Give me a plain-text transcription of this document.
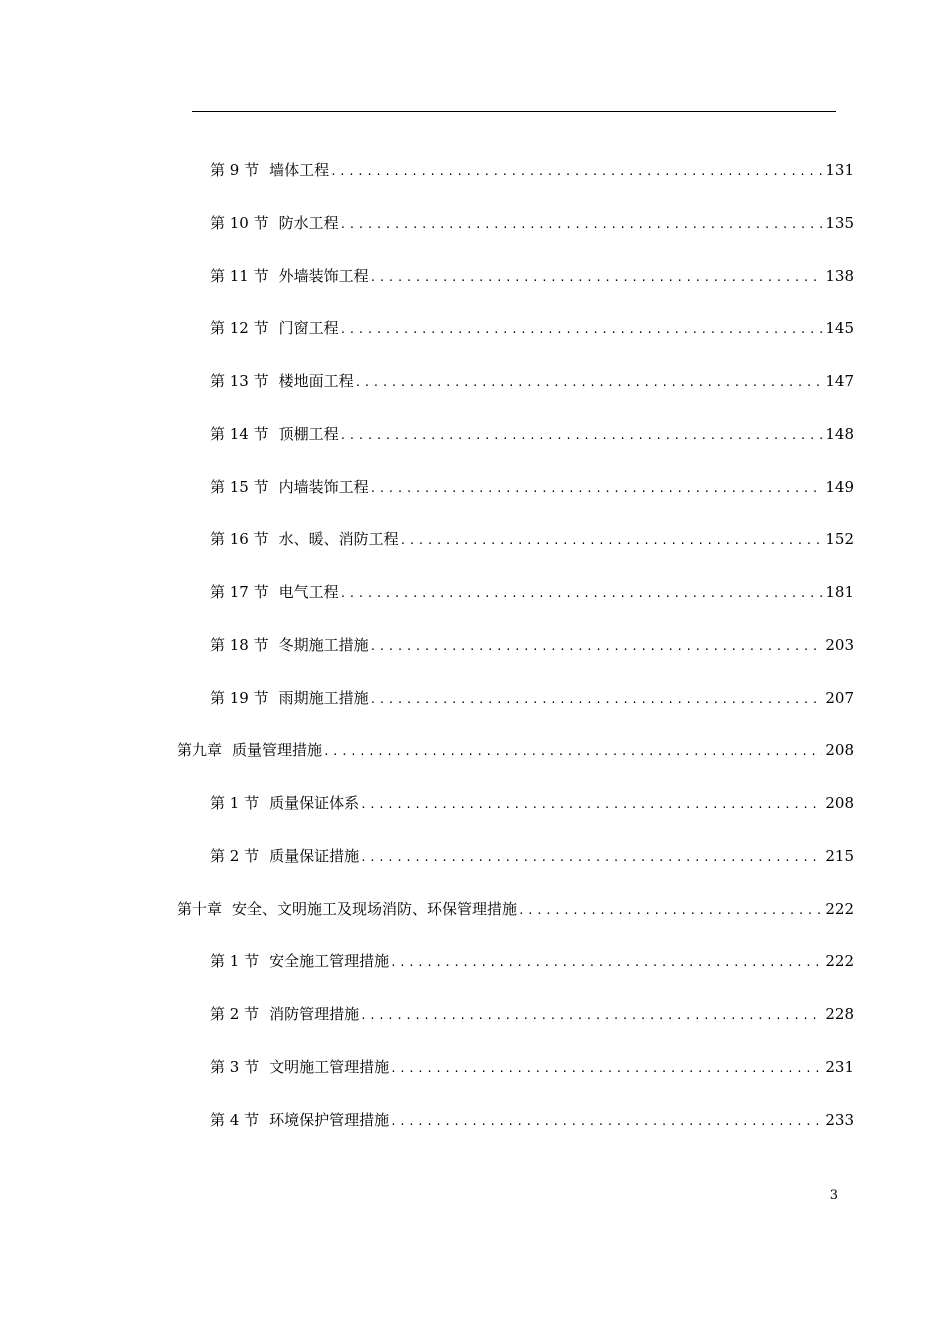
第 9 节 墙体工程 .....	131
第 10 节 防水工程 .....	135
第 11 节 外墙装饰工程 .....	138
第 12 节 门窗工程 .....	145
第 13 节 楼地面工程 .....	147
第 14 节 顶棚工程 .....	148
第 15 节 内墙装饰工程 .....	149
第 16 节 水、暖、消防工程 .....	152
第 17 节 电气工程 .....	181
第 18 节 冬期施工措施 .....	203
第 19 节 雨期施工措施 .....	207
第九章 质量管理措施 .....	208
第 1 节 质量保证体系 .....	208
第 2 节 质量保证措施 .....	215
第十章 安全、文明施工及现场消防、环保管理措施 .....	222
第 1 节 安全施工管理措施 .....	222
第 2 节 消防管理措施 .....	228
第 3 节 文明施工管理措施 .....	231
第 4 节 环境保护管理措施 .....	233
3
